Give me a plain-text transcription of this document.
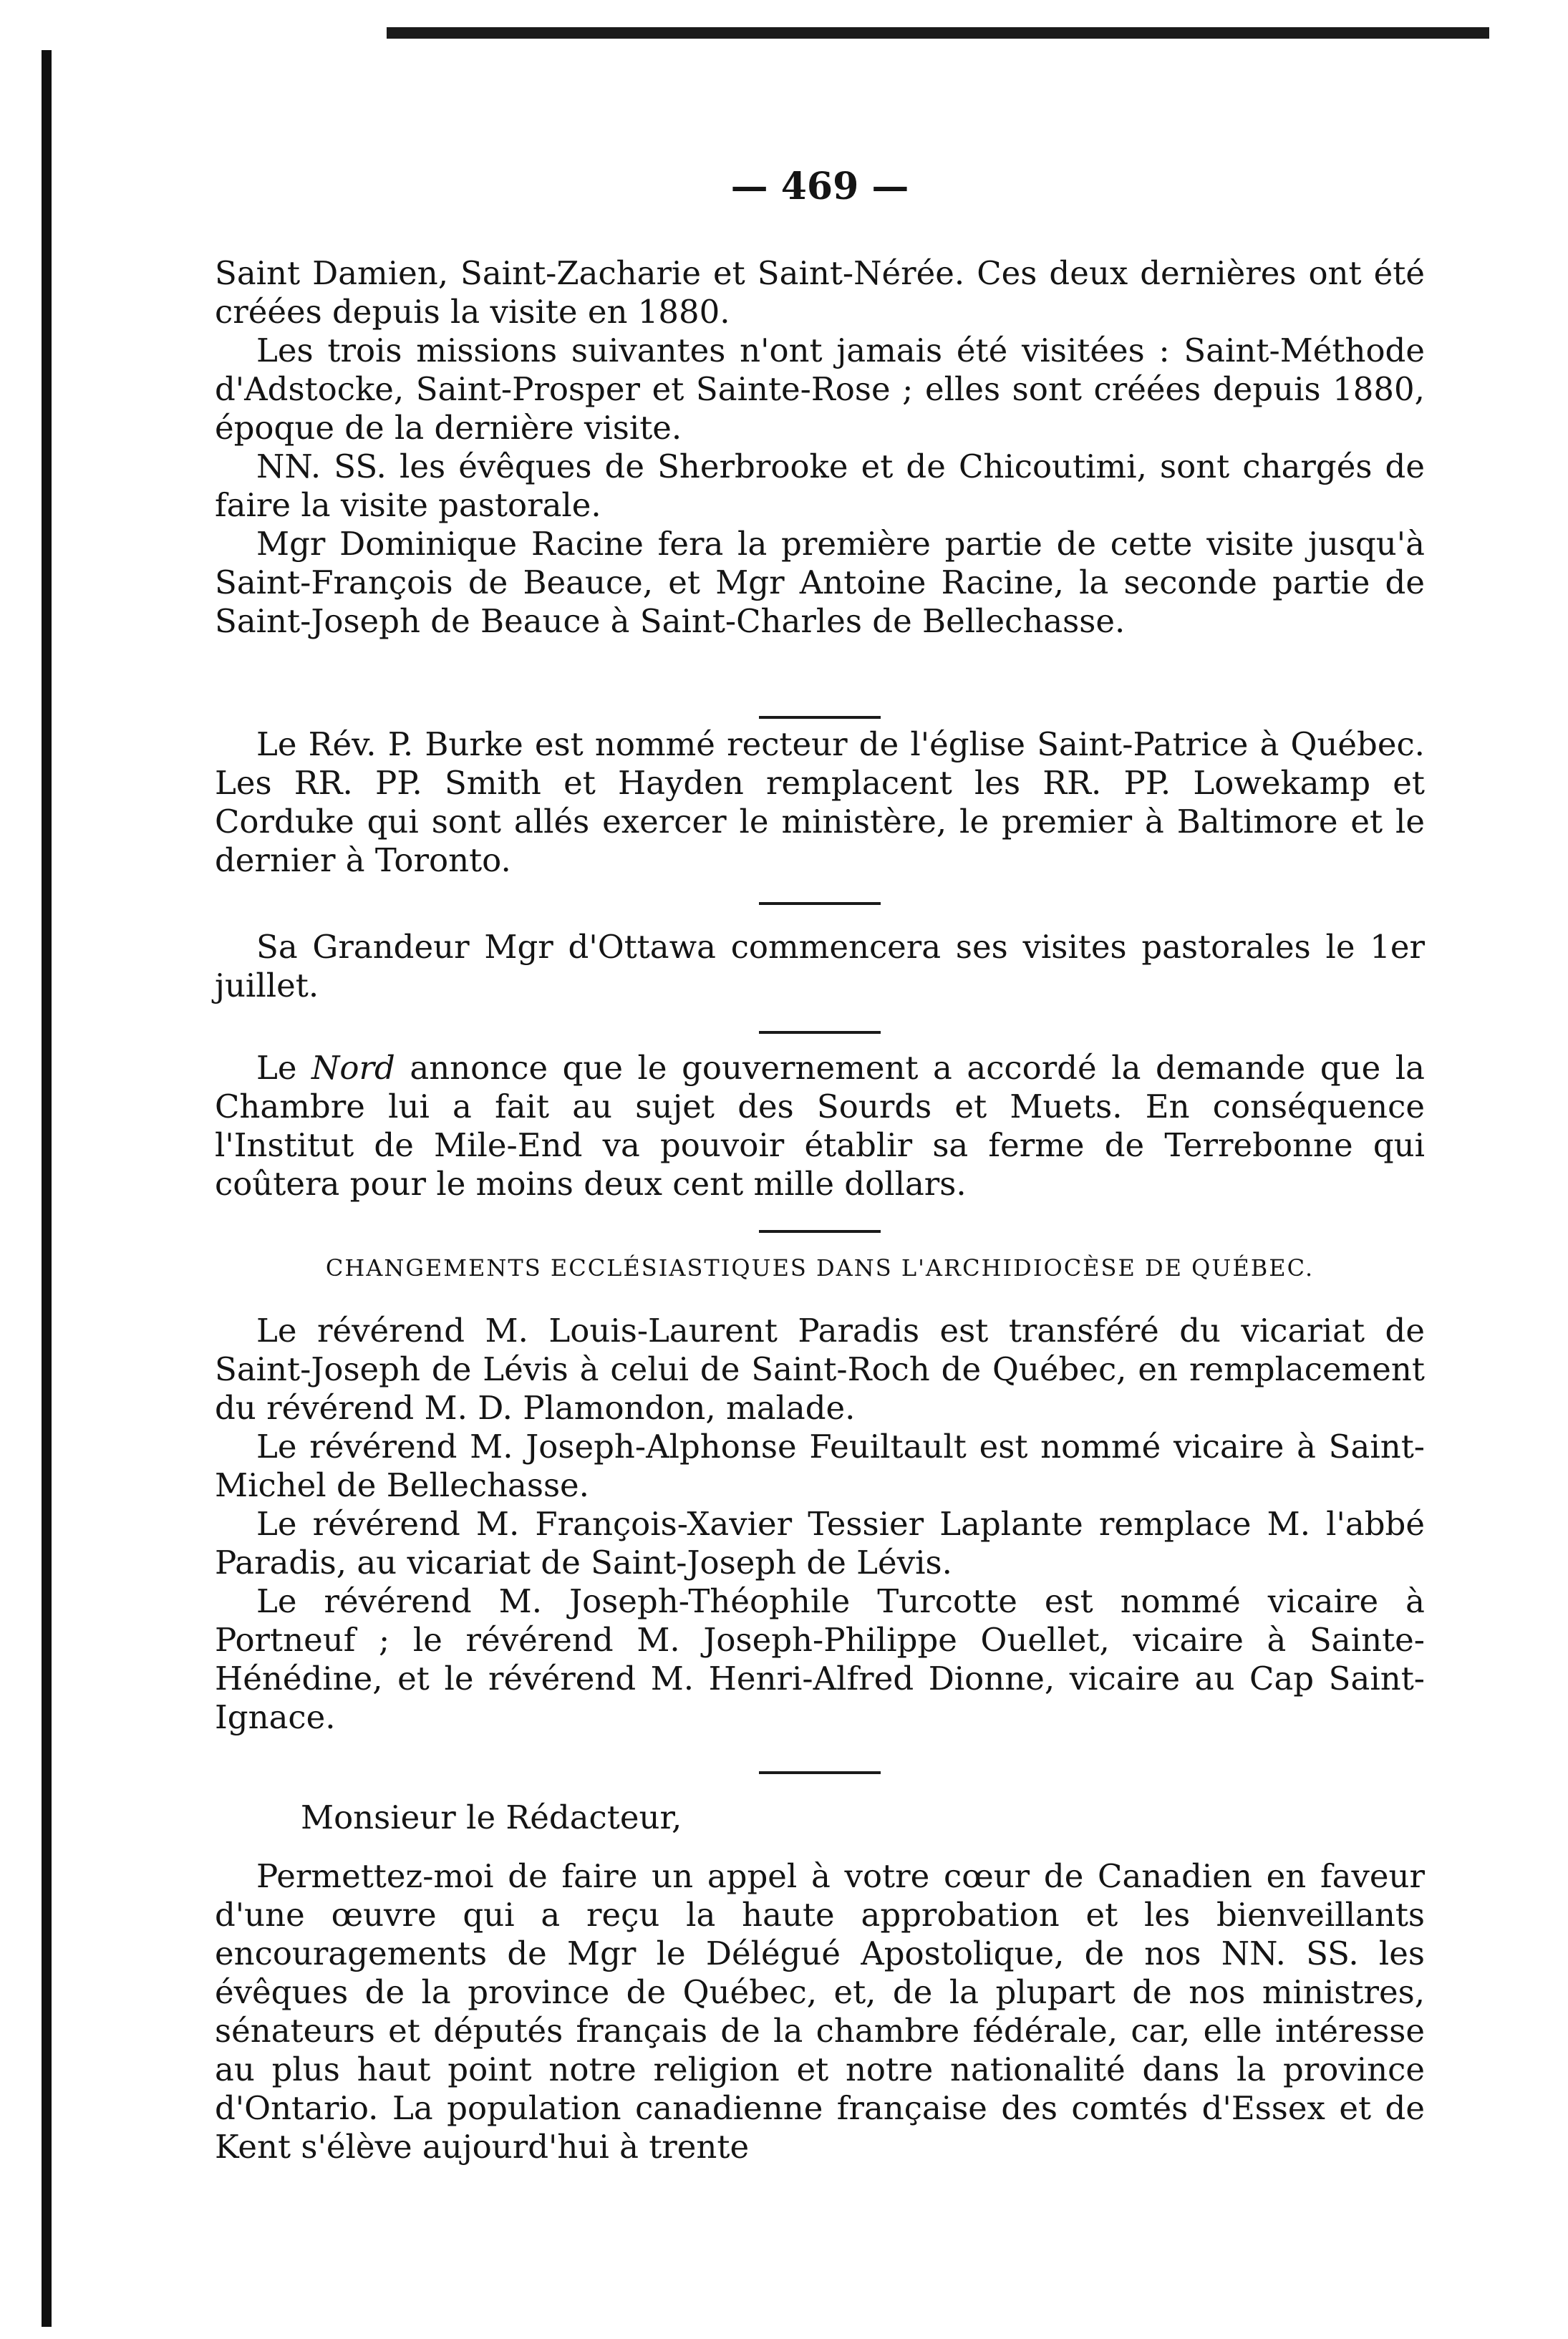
— 469 —

Saint Damien, Saint-Zacharie et Saint-Nérée. Ces deux dernières ont été créées depuis la visite en 1880.

Les trois missions suivantes n'ont jamais été visitées : Saint-Méthode d'Adstocke, Saint-Prosper et Sainte-Rose ; elles sont créées depuis 1880, époque de la dernière visite.

NN. SS. les évêques de Sherbrooke et de Chicoutimi, sont chargés de faire la visite pastorale.

Mgr Dominique Racine fera la première partie de cette visite jusqu'à Saint-François de Beauce, et Mgr Antoine Racine, la seconde partie de Saint-Joseph de Beauce à Saint-Charles de Bellechasse.

Le Rév. P. Burke est nommé recteur de l'église Saint-Patrice à Québec. Les RR. PP. Smith et Hayden remplacent les RR. PP. Lowekamp et Corduke qui sont allés exercer le ministère, le premier à Baltimore et le dernier à Toronto.

Sa Grandeur Mgr d'Ottawa commencera ses visites pastorales le 1er juillet.

Le Nord annonce que le gouvernement a accordé la demande que la Chambre lui a fait au sujet des Sourds et Muets. En conséquence l'Institut de Mile-End va pouvoir établir sa ferme de Terrebonne qui coûtera pour le moins deux cent mille dollars.

CHANGEMENTS ECCLÉSIASTIQUES DANS L'ARCHIDIOCÈSE DE QUÉBEC.

Le révérend M. Louis-Laurent Paradis est transféré du vicariat de Saint-Joseph de Lévis à celui de Saint-Roch de Québec, en remplacement du révérend M. D. Plamondon, malade.

Le révérend M. Joseph-Alphonse Feuiltault est nommé vicaire à Saint-Michel de Bellechasse.

Le révérend M. François-Xavier Tessier Laplante remplace M. l'abbé Paradis, au vicariat de Saint-Joseph de Lévis.

Le révérend M. Joseph-Théophile Turcotte est nommé vicaire à Portneuf ; le révérend M. Joseph-Philippe Ouellet, vicaire à Sainte-Hénédine, et le révérend M. Henri-Alfred Dionne, vicaire au Cap Saint-Ignace.

Monsieur le Rédacteur,

Permettez-moi de faire un appel à votre cœur de Canadien en faveur d'une œuvre qui a reçu la haute approbation et les bienveillants encouragements de Mgr le Délégué Apostolique, de nos NN. SS. les évêques de la province de Québec, et, de la plupart de nos ministres, sénateurs et députés français de la chambre fédérale, car, elle intéresse au plus haut point notre religion et notre nationalité dans la province d'Ontario. La population canadienne française des comtés d'Essex et de Kent s'élève aujourd'hui à trente
